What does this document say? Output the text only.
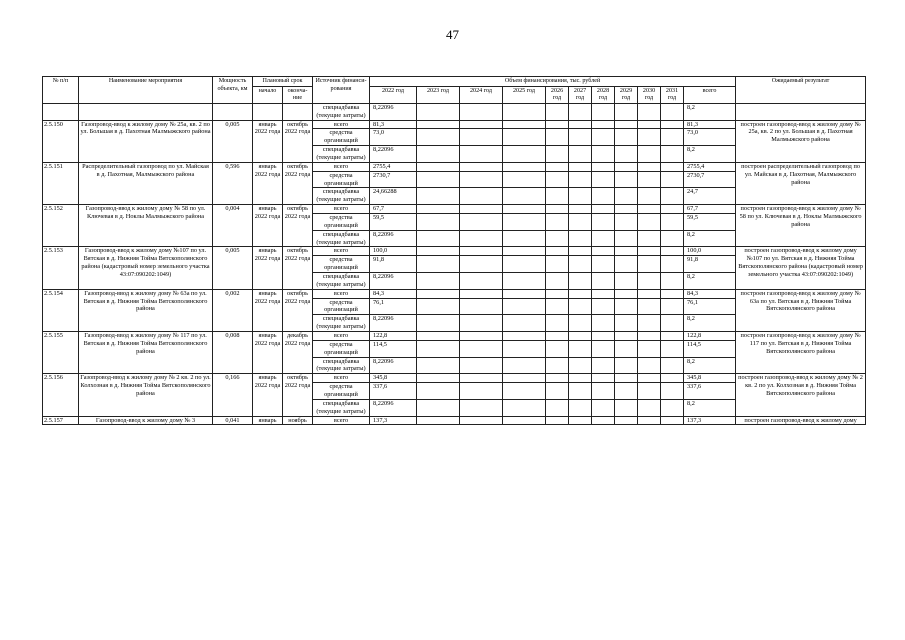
47
№ п/п	Наименование мероприятия	Мощность объекта, км	Плановый срок		Источник финанси-рования	Объем финансирования, тыс. рублей											Ожидаемый результат
			начало	оконча-ние		2022 год	2023 год	2024 год	2025 год	2026 год	2027 год	2028 год	2029 год	2030 год	2031 год	всего	
					спецнадбавка (текущие затраты)	8,22096										8,2	
2.5.150	Газопровод-ввод к жилому дому № 25а, кв. 2 по ул. Большая в д. Пахотная Малмыжского района	0,005	январь 2022 года	октябрь 2022 года	всего	81,3										81,3	построен газопровод-ввод к жилому дому № 25а, кв. 2 по ул. Большая в д. Пахотная Малмыжского района
					средства организаций	73,0										73,0	
					спецнадбавка (текущие затраты)	8,22096										8,2	
2.5.151	Распределительный газопровод по ул. Майская в д. Пахотная, Малмыжского района	0,596	январь 2022 года	октябрь 2022 года	всего	2755,4										2755,4	построен распределительный газопровод по ул. Майская в д. Пахотная, Малмыжского района
					средства организаций	2730,7										2730,7	
					спецнадбавка (текущие затраты)	24,66288										24,7	
2.5.152	Газопровод-ввод к жилому дому № 58 по ул. Ключевая в д. Ноклы Малмыжского района	0,004	январь 2022 года	октябрь 2022 года	всего	67,7										67,7	построен газопровод-ввод к жилому дому № 58 по ул. Ключевая в д. Ноклы Малмыжского района
					средства организаций	59,5										59,5	
					спецнадбавка (текущие затраты)	8,22096										8,2	
2.5.153	Газопровод-ввод к жилому дому №107 по ул. Вятская в д. Нижняя Тойма Вятскополянского района (кадастровый номер земельного участка 43:07:090202:1049)	0,005	январь 2022 года	октябрь 2022 года	всего	100,0										100,0	построен газопровод-ввод к жилому дому №107 по ул. Вятская в д. Нижняя Тойма Вятскополянского района (кадастровый номер земельного участка 43:07:090202:1049)
					средства организаций	91,8										91,8	
					спецнадбавка (текущие затраты)	8,22096										8,2	
2.5.154	Газопровод-ввод к жилому дому № 63а по ул. Вятская в д. Нижняя Тойма Вятскополянского района	0,002	январь 2022 года	октябрь 2022 года	всего	84,3										84,3	построен газопровод-ввод к жилому дому № 63а по ул. Вятская в д. Нижняя Тойма Вятскополянского района
					средства организаций	76,1										76,1	
					спецнадбавка (текущие затраты)	8,22096										8,2	
2.5.155	Газопровод-ввод к жилому дому № 117 по ул. Вятская в д. Нижняя Тойма Вятскополянского района	0,008	январь 2022 года	декабрь 2022 года	всего	122,8										122,8	построен газопровод-ввод к жилому дому № 117 по ул. Вятская в д. Нижняя Тойма Вятскополянского района
					средства организаций	114,5										114,5	
					спецнадбавка (текущие затраты)	8,22096										8,2	
2.5.156	Газопровод-ввод к жилому дому № 2 кв. 2 по ул. Колхозная в д. Нижняя Тойма Вятскополянского района	0,166	январь 2022 года	октябрь 2022 года	всего	345,8										345,8	построен газопровод-ввод к жилому дому № 2 кв. 2 по ул. Колхозная в д. Нижняя Тойма Вятскополянского района
					средства организаций	337,6										337,6	
					спецнадбавка (текущие затраты)	8,22096										8,2	
2.5.157	Газопровод-ввод к жилому дому № 3	0,041	январь	ноябрь	всего	137,3										137,3	построен газопровод-ввод к жилому дому
